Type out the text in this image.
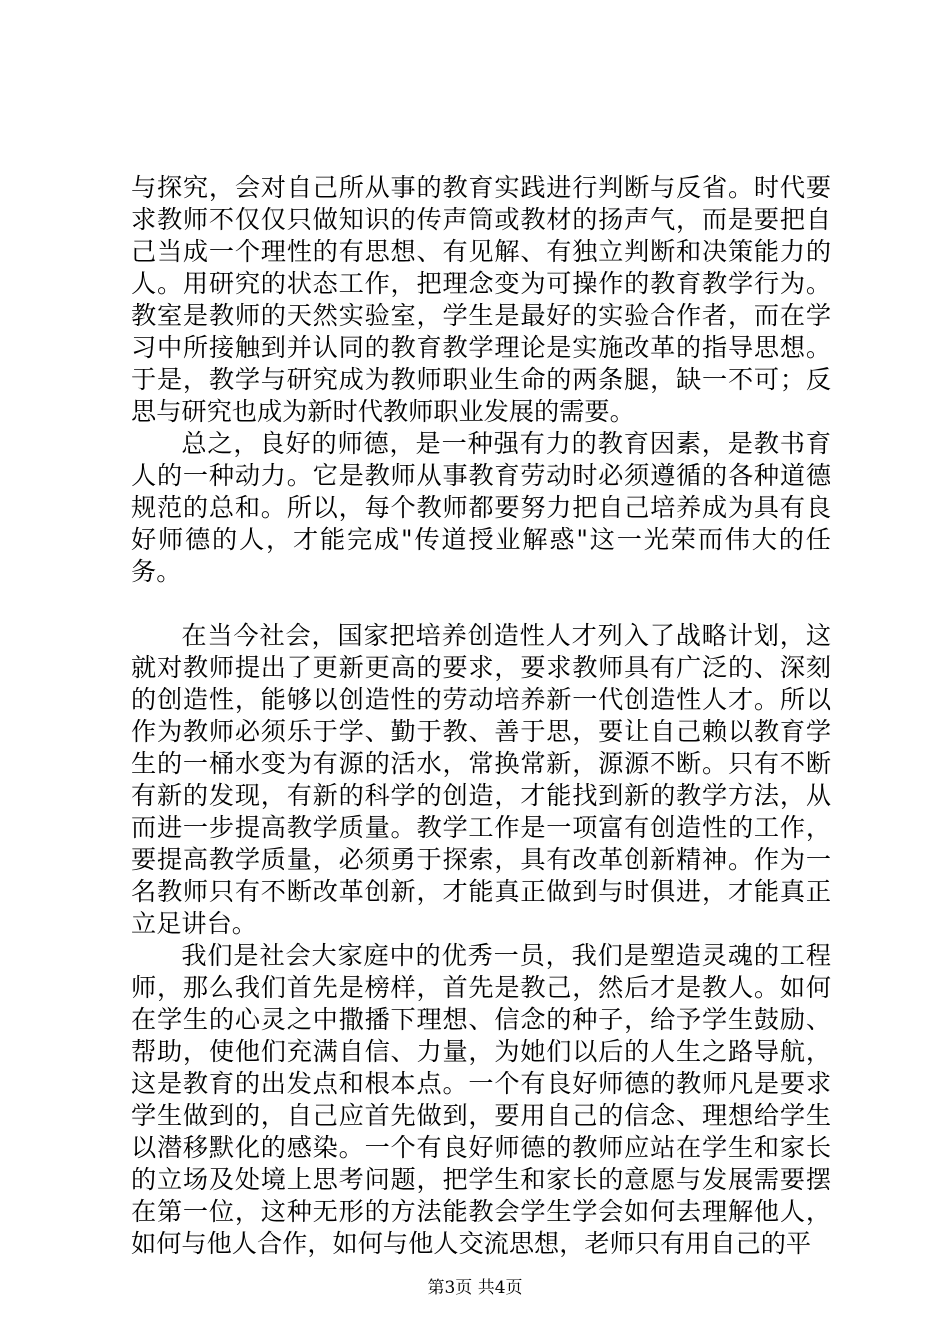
与探究，会对自己所从事的教育实践进行判断与反省。时代要求教师不仅仅只做知识的传声筒或教材的扬声气，而是要把自己当成一个理性的有思想、有见解、有独立判断和决策能力的人。用研究的状态工作，把理念变为可操作的教育教学行为。教室是教师的天然实验室，学生是最好的实验合作者，而在学习中所接触到并认同的教育教学理论是实施改革的指导思想。于是，教学与研究成为教师职业生命的两条腿，缺一不可；反思与研究也成为新时代教师职业发展的需要。

总之，良好的师德，是一种强有力的教育因素，是教书育人的一种动力。它是教师从事教育劳动时必须遵循的各种道德规范的总和。所以，每个教师都要努力把自己培养成为具有良好师德的人，才能完成"传道授业解惑"这一光荣而伟大的任务。

在当今社会，国家把培养创造性人才列入了战略计划，这就对教师提出了更新更高的要求，要求教师具有广泛的、深刻的创造性，能够以创造性的劳动培养新一代创造性人才。所以作为教师必须乐于学、勤于教、善于思，要让自己赖以教育学生的一桶水变为有源的活水，常换常新，源源不断。只有不断有新的发现，有新的科学的创造，才能找到新的教学方法，从而进一步提高教学质量。教学工作是一项富有创造性的工作，要提高教学质量，必须勇于探索，具有改革创新精神。作为一名教师只有不断改革创新，才能真正做到与时俱进，才能真正立足讲台。

我们是社会大家庭中的优秀一员，我们是塑造灵魂的工程师，那么我们首先是榜样，首先是教己，然后才是教人。如何在学生的心灵之中撒播下理想、信念的种子，给予学生鼓励、帮助，使他们充满自信、力量，为她们以后的人生之路导航，这是教育的出发点和根本点。一个有良好师德的教师凡是要求学生做到的，自己应首先做到，要用自己的信念、理想给学生以潜移默化的感染。一个有良好师德的教师应站在学生和家长的立场及处境上思考问题，把学生和家长的意愿与发展需要摆在第一位，这种无形的方法能教会学生学会如何去理解他人，如何与他人合作，如何与他人交流思想，老师只有用自己的平

第3页 共4页
